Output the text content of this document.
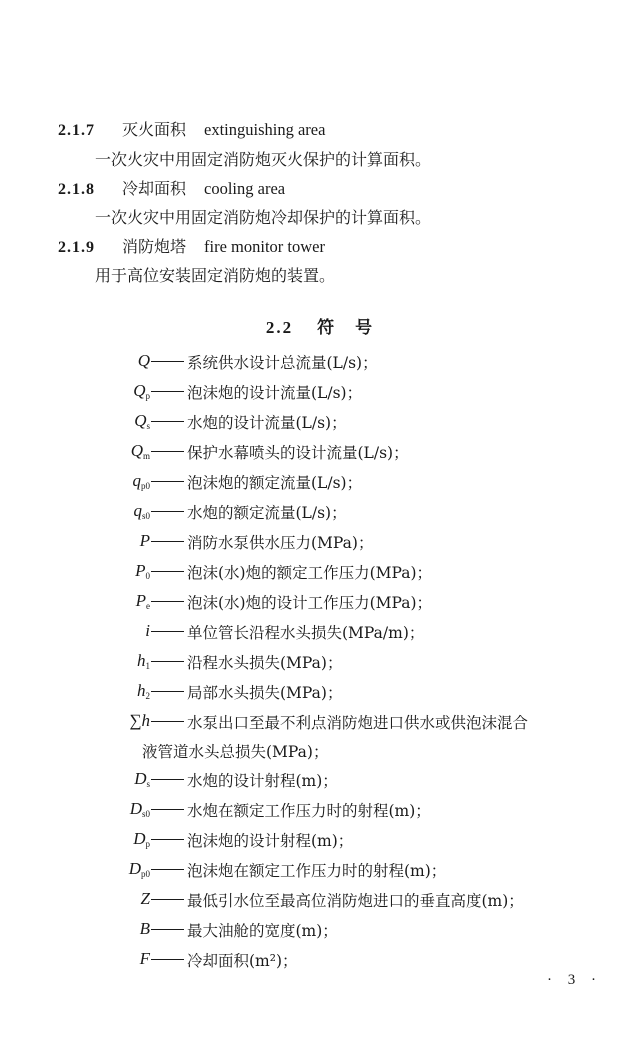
2.1.7 灭火面积 extinguishing area
一次火灾中用固定消防炮灭火保护的计算面积。
2.1.8 冷却面积 cooling area
一次火灾中用固定消防炮冷却保护的计算面积。
2.1.9 消防炮塔 fire monitor tower
用于高位安装固定消防炮的装置。
2.2 符　号
Q 系统供水设计总流量(L/s)；
$Q_p$ 泡沫炮的设计流量(L/s)；
$Q_s$ 水炮的设计流量(L/s)；
$Q_m$ 保护水幕喷头的设计流量(L/s)；
$q_{p0}$ 泡沫炮的额定流量(L/s)；
$q_{s0}$ 水炮的额定流量(L/s)；
P 消防水泵供水压力(MPa)；
$P_0$ 泡沫(水)炮的额定工作压力(MPa)；
$P_e$ 泡沫(水)炮的设计工作压力(MPa)；
i 单位管长沿程水头损失(MPa/m)；
$h_1$ 沿程水头损失(MPa)；
$h_2$ 局部水头损失(MPa)；
∑h 水泵出口至最不利点消防炮进口供水或供泡沫混合
液管道水头总损失(MPa)；
$D_s$ 水炮的设计射程(m)；
$D_{s0}$ 水炮在额定工作压力时的射程(m)；
$D_p$ 泡沫炮的设计射程(m)；
$D_{p0}$ 泡沫炮在额定工作压力时的射程(m)；
Z 最低引水位至最高位消防炮进口的垂直高度(m)；
B 最大油舱的宽度(m)；
F 冷却面积(m²)；
· 3 ·
